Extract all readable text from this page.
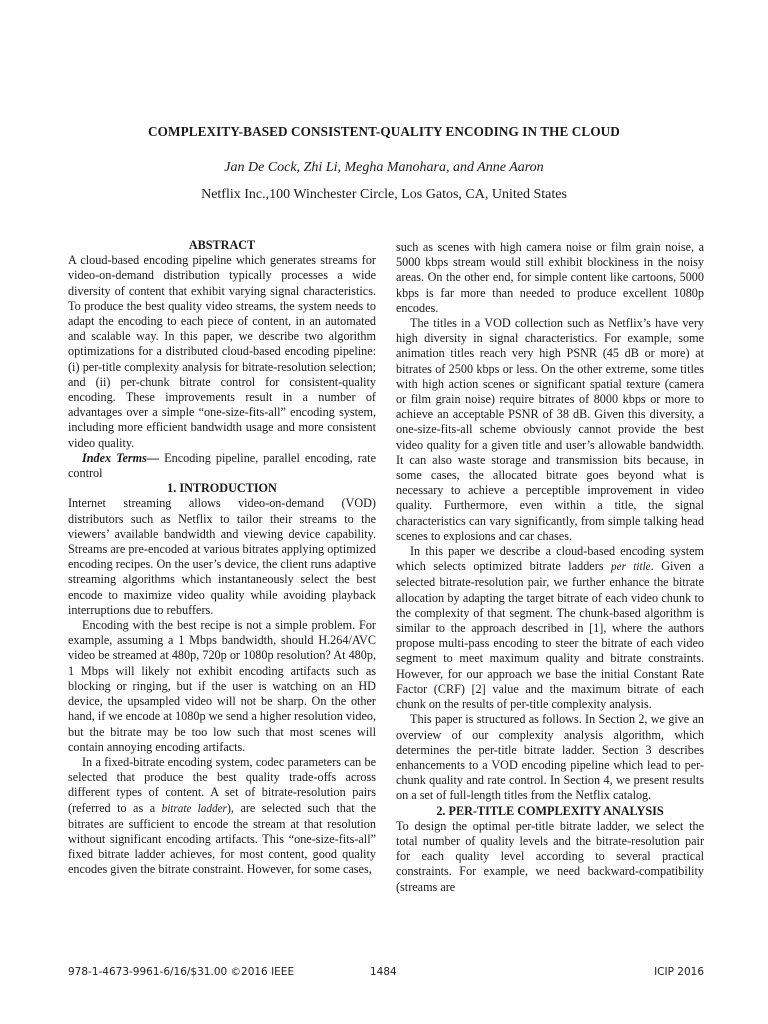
COMPLEXITY-BASED CONSISTENT-QUALITY ENCODING IN THE CLOUD

Jan De Cock, Zhi Li, Megha Manohara, and Anne Aaron

Netflix Inc.,100 Winchester Circle, Los Gatos, CA, United States

ABSTRACT

A cloud-based encoding pipeline which generates streams for video-on-demand distribution typically processes a wide diversity of content that exhibit varying signal characteristics. To produce the best quality video streams, the system needs to adapt the encoding to each piece of content, in an automated and scalable way. In this paper, we describe two algorithm optimizations for a distributed cloud-based encoding pipeline: (i) per-title complexity analysis for bitrate-resolution selection; and (ii) per-chunk bitrate control for consistent-quality encoding. These improvements result in a number of advantages over a simple “one-size-fits-all” encoding system, including more efficient bandwidth usage and more consistent video quality.

Index Terms— Encoding pipeline, parallel encoding, rate control

1. INTRODUCTION

Internet streaming allows video-on-demand (VOD) distributors such as Netflix to tailor their streams to the viewers’ available bandwidth and viewing device capability. Streams are pre-encoded at various bitrates applying optimized encoding recipes. On the user’s device, the client runs adaptive streaming algorithms which instantaneously select the best encode to maximize video quality while avoiding playback interruptions due to rebuffers.

Encoding with the best recipe is not a simple problem. For example, assuming a 1 Mbps bandwidth, should H.264/AVC video be streamed at 480p, 720p or 1080p resolution? At 480p, 1 Mbps will likely not exhibit encoding artifacts such as blocking or ringing, but if the user is watching on an HD device, the upsampled video will not be sharp. On the other hand, if we encode at 1080p we send a higher resolution video, but the bitrate may be too low such that most scenes will contain annoying encoding artifacts.

In a fixed-bitrate encoding system, codec parameters can be selected that produce the best quality trade-offs across different types of content. A set of bitrate-resolution pairs (referred to as a bitrate ladder), are selected such that the bitrates are sufficient to encode the stream at that resolution without significant encoding artifacts. This “one-size-fits-all” fixed bitrate ladder achieves, for most content, good quality encodes given the bitrate constraint. However, for some cases,

such as scenes with high camera noise or film grain noise, a 5000 kbps stream would still exhibit blockiness in the noisy areas. On the other end, for simple content like cartoons, 5000 kbps is far more than needed to produce excellent 1080p encodes.

The titles in a VOD collection such as Netflix’s have very high diversity in signal characteristics. For example, some animation titles reach very high PSNR (45 dB or more) at bitrates of 2500 kbps or less. On the other extreme, some titles with high action scenes or significant spatial texture (camera or film grain noise) require bitrates of 8000 kbps or more to achieve an acceptable PSNR of 38 dB. Given this diversity, a one-size-fits-all scheme obviously cannot provide the best video quality for a given title and user’s allowable bandwidth. It can also waste storage and transmission bits because, in some cases, the allocated bitrate goes beyond what is necessary to achieve a perceptible improvement in video quality. Furthermore, even within a title, the signal characteristics can vary significantly, from simple talking head scenes to explosions and car chases.

In this paper we describe a cloud-based encoding system which selects optimized bitrate ladders per title. Given a selected bitrate-resolution pair, we further enhance the bitrate allocation by adapting the target bitrate of each video chunk to the complexity of that segment. The chunk-based algorithm is similar to the approach described in [1], where the authors propose multi-pass encoding to steer the bitrate of each video segment to meet maximum quality and bitrate constraints. However, for our approach we base the initial Constant Rate Factor (CRF) [2] value and the maximum bitrate of each chunk on the results of per-title complexity analysis.

This paper is structured as follows. In Section 2, we give an overview of our complexity analysis algorithm, which determines the per-title bitrate ladder. Section 3 describes enhancements to a VOD encoding pipeline which lead to per-chunk quality and rate control. In Section 4, we present results on a set of full-length titles from the Netflix catalog.

2. PER-TITLE COMPLEXITY ANALYSIS

To design the optimal per-title bitrate ladder, we select the total number of quality levels and the bitrate-resolution pair for each quality level according to several practical constraints. For example, we need backward-compatibility (streams are

978-1-4673-9961-6/16/$31.00 ©2016 IEEE	1484	ICIP 2016
